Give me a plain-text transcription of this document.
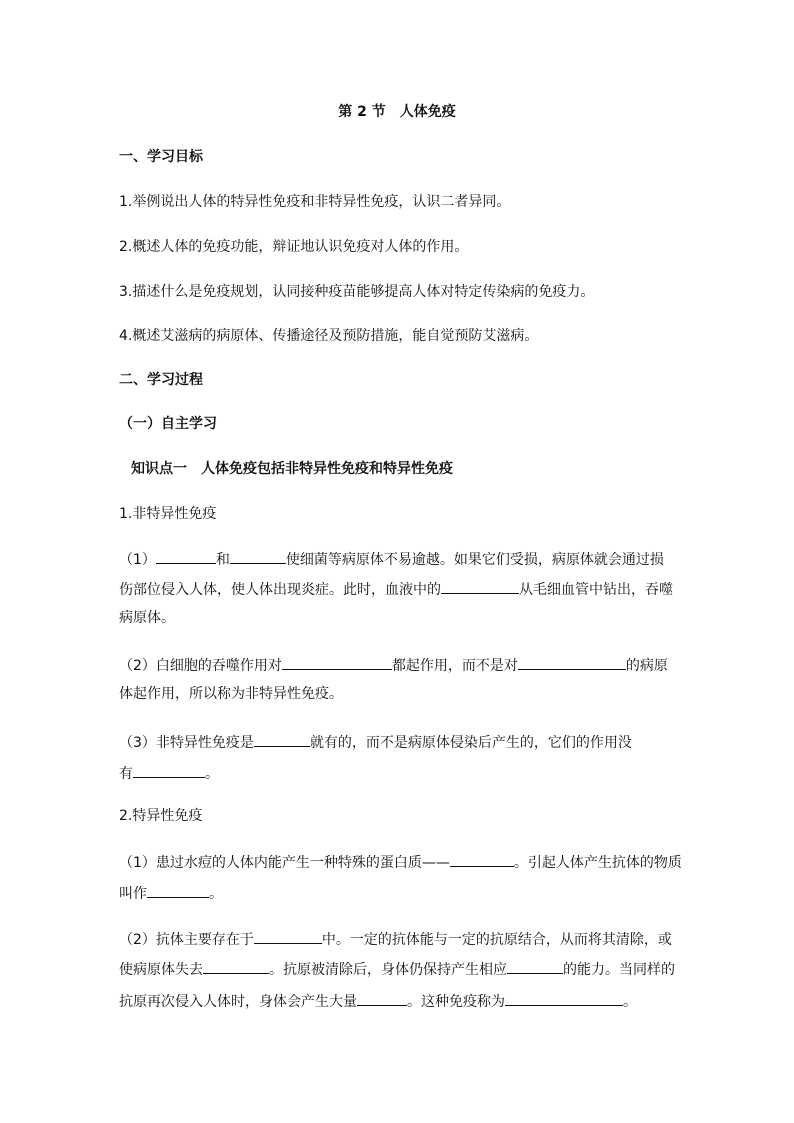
第 2 节　人体免疫
一、学习目标
1.举例说出人体的特异性免疫和非特异性免疫，认识二者异同。
2.概述人体的免疫功能，辩证地认识免疫对人体的作用。
3.描述什么是免疫规划，认同接种疫苗能够提高人体对特定传染病的免疫力。
4.概述艾滋病的病原体、传播途径及预防措施，能自觉预防艾滋病。
二、学习过程
（一）自主学习
知识点一　人体免疫包括非特异性免疫和特异性免疫
1.非特异性免疫
（1）	和	使细菌等病原体不易逾越。如果它们受损，病原体就会通过损
伤部位侵入人体，使人体出现炎症。此时，血液中的	从毛细血管中钻出，吞噬
病原体。
（2）白细胞的吞噬作用对	都起作用，而不是对	的病原
体起作用，所以称为非特异性免疫。
（3）非特异性免疫是	就有的，而不是病原体侵染后产生的，它们的作用没
有	。
2.特异性免疫
（1）患过水痘的人体内能产生一种特殊的蛋白质——	。引起人体产生抗体的物质
叫作	。
（2）抗体主要存在于	中。一定的抗体能与一定的抗原结合，从而将其清除，或
使病原体失去	。抗原被清除后，身体仍保持产生相应	的能力。当同样的
抗原再次侵入人体时，身体会产生大量	。这种免疫称为	。
